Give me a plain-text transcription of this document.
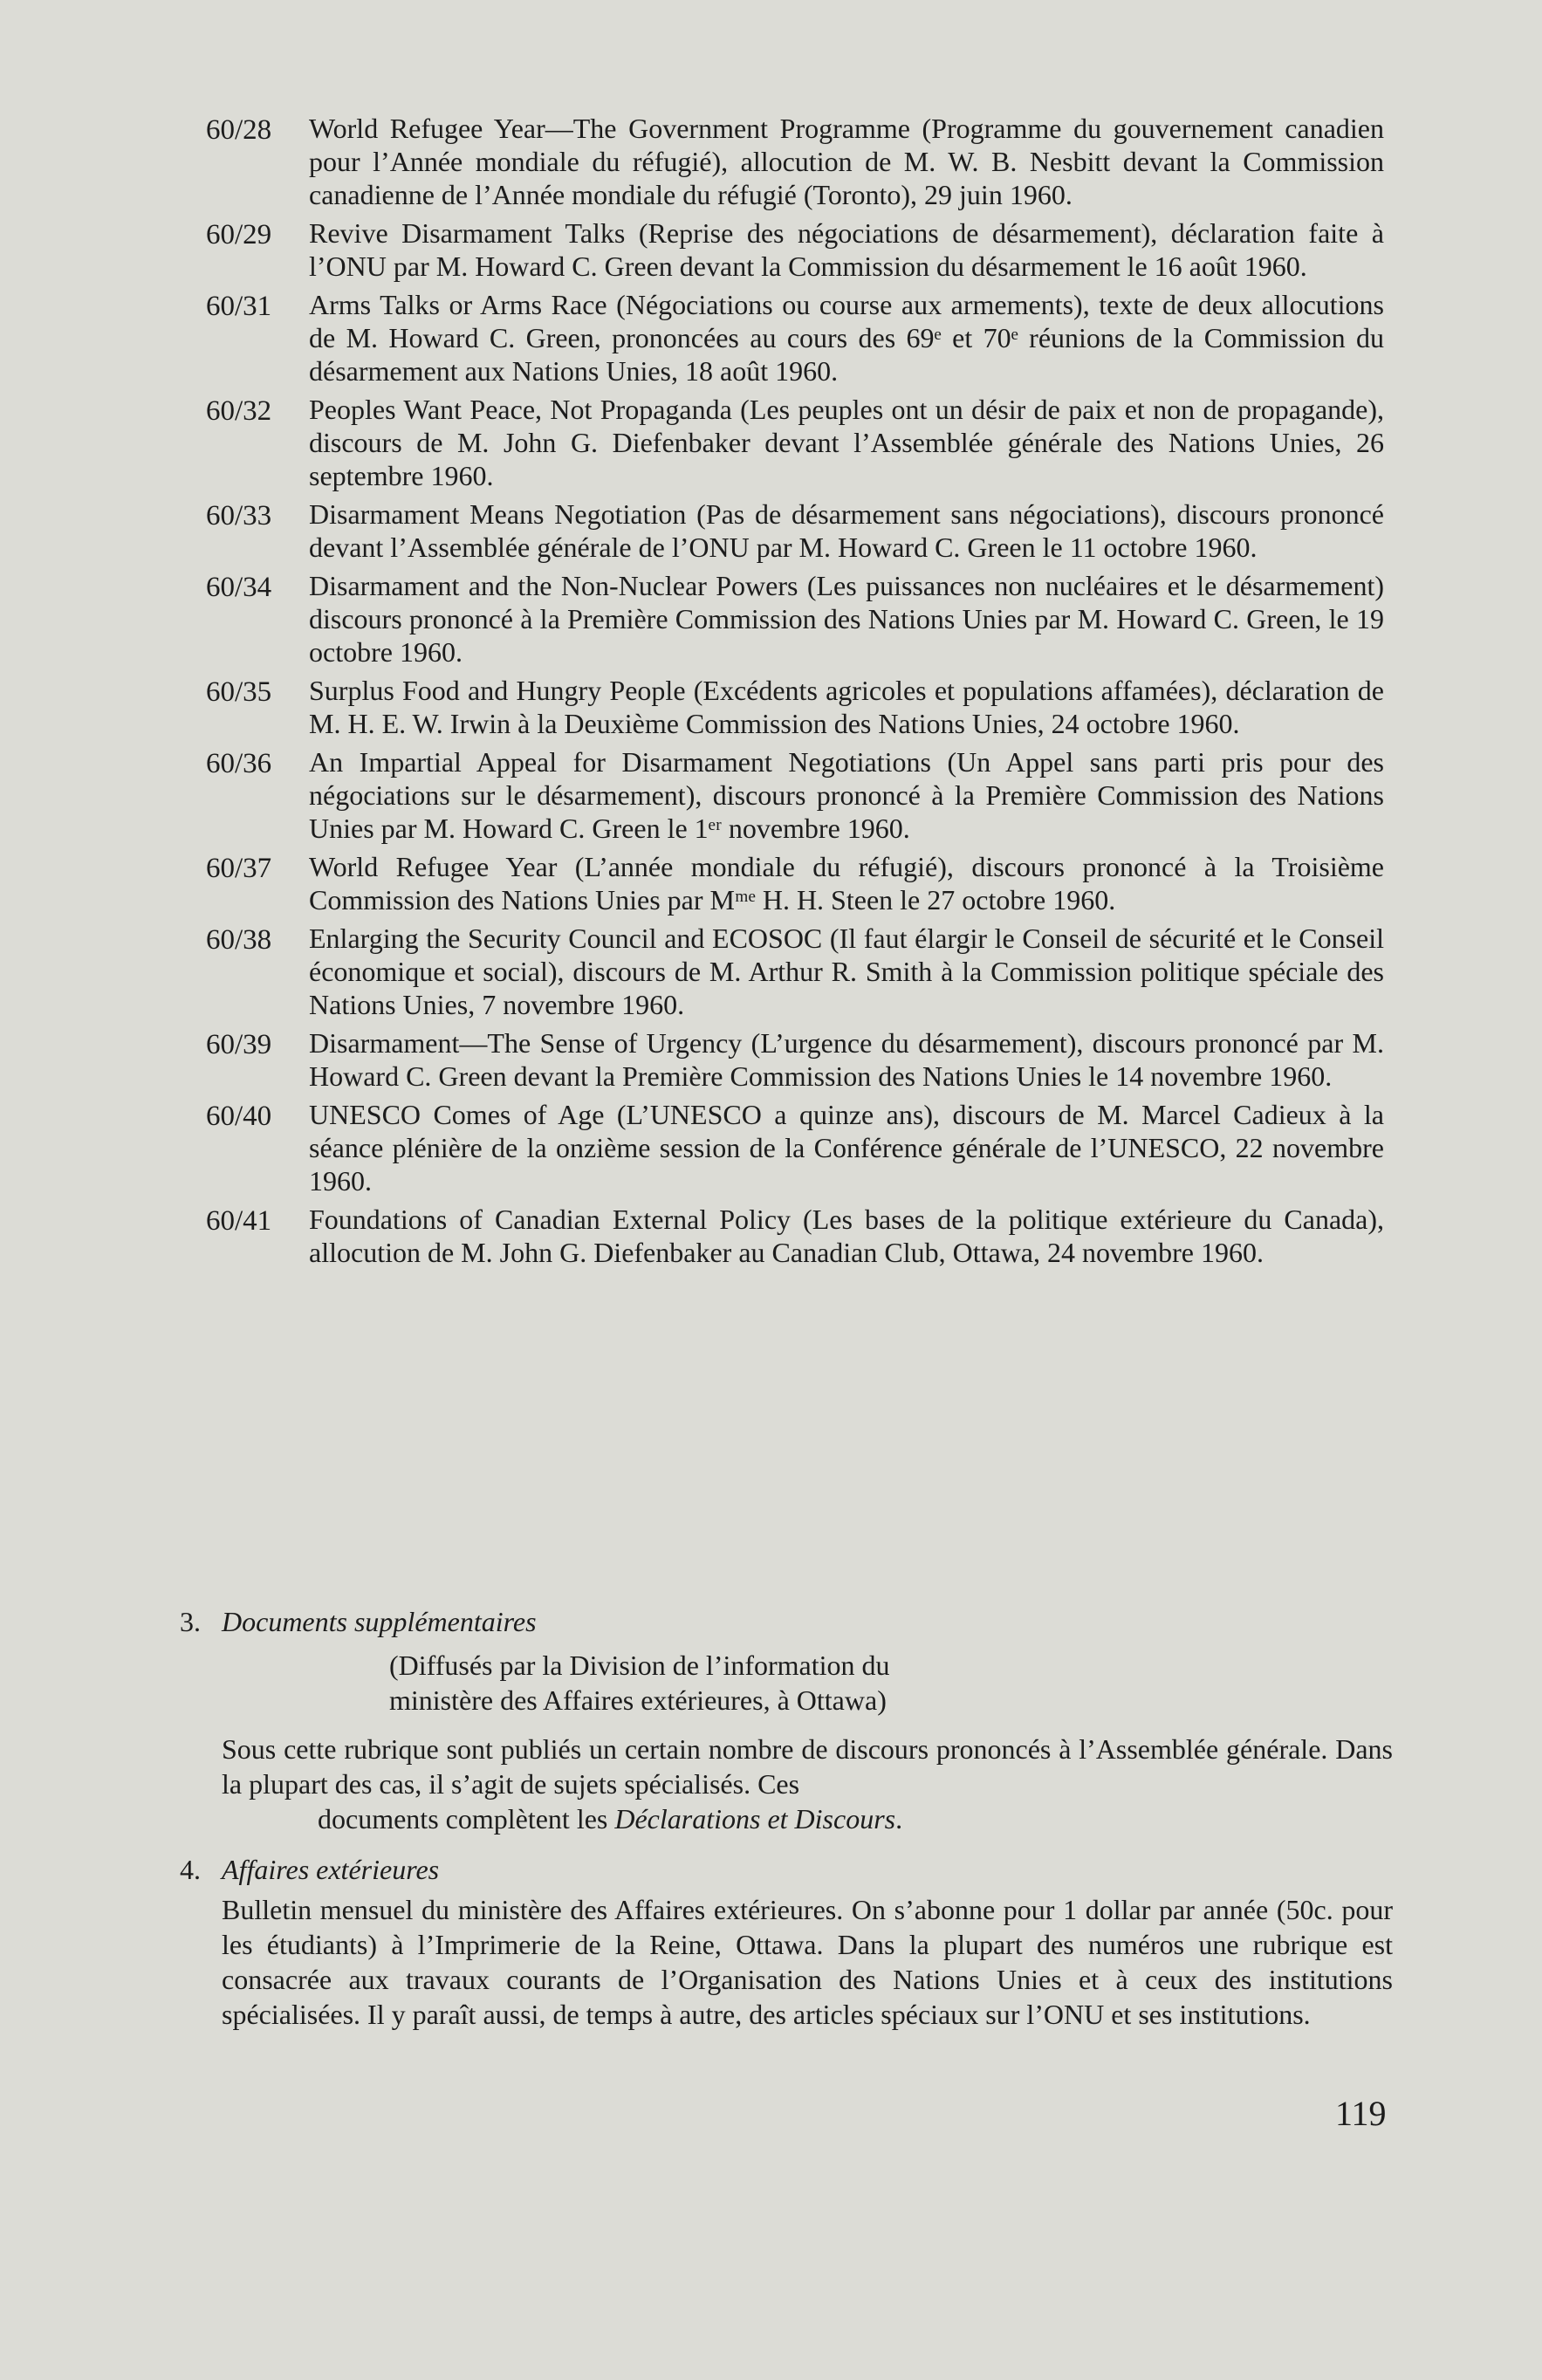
60/28	World Refugee Year—The Government Programme (Programme du gouvernement canadien pour l’Année mondiale du réfugié), allocution de M. W. B. Nesbitt devant la Commission canadienne de l’Année mondiale du réfugié (Toronto), 29 juin 1960.
60/29	Revive Disarmament Talks (Reprise des négociations de désarmement), déclaration faite à l’ONU par M. Howard C. Green devant la Commission du désarmement le 16 août 1960.
60/31	Arms Talks or Arms Race (Négociations ou course aux armements), texte de deux allocutions de M. Howard C. Green, prononcées au cours des 69ᵉ et 70ᵉ réunions de la Commission du désarmement aux Nations Unies, 18 août 1960.
60/32	Peoples Want Peace, Not Propaganda (Les peuples ont un désir de paix et non de propagande), discours de M. John G. Diefenbaker devant l’Assemblée générale des Nations Unies, 26 septembre 1960.
60/33	Disarmament Means Negotiation (Pas de désarmement sans négociations), discours prononcé devant l’Assemblée générale de l’ONU par M. Howard C. Green le 11 octobre 1960.
60/34	Disarmament and the Non-Nuclear Powers (Les puissances non nucléaires et le désarmement) discours prononcé à la Première Commission des Nations Unies par M. Howard C. Green, le 19 octobre 1960.
60/35	Surplus Food and Hungry People (Excédents agricoles et populations affamées), déclaration de M. H. E. W. Irwin à la Deuxième Commission des Nations Unies, 24 octobre 1960.
60/36	An Impartial Appeal for Disarmament Negotiations (Un Appel sans parti pris pour des négociations sur le désarmement), discours prononcé à la Première Commission des Nations Unies par M. Howard C. Green le 1ᵉʳ novembre 1960.
60/37	World Refugee Year (L’année mondiale du réfugié), discours prononcé à la Troisième Commission des Nations Unies par Mᵐᵉ H. H. Steen le 27 octobre 1960.
60/38	Enlarging the Security Council and ECOSOC (Il faut élargir le Conseil de sécurité et le Conseil économique et social), discours de M. Arthur R. Smith à la Commission politique spéciale des Nations Unies, 7 novembre 1960.
60/39	Disarmament—The Sense of Urgency (L’urgence du désarmement), discours prononcé par M. Howard C. Green devant la Première Commission des Nations Unies le 14 novembre 1960.
60/40	UNESCO Comes of Age (L’UNESCO a quinze ans), discours de M. Marcel Cadieux à la séance plénière de la onzième session de la Conférence générale de l’UNESCO, 22 novembre 1960.
60/41	Foundations of Canadian External Policy (Les bases de la politique extérieure du Canada), allocution de M. John G. Diefenbaker au Canadian Club, Ottawa, 24 novembre 1960.
3. Documents supplémentaires
(Diffusés par la Division de l’information du
ministère des Affaires extérieures, à Ottawa)
Sous cette rubrique sont publiés un certain nombre de discours prononcés à l’Assemblée générale. Dans la plupart des cas, il s’agit de sujets spécialisés. Ces
documents complètent les Déclarations et Discours.
4. Affaires extérieures
Bulletin mensuel du ministère des Affaires extérieures. On s’abonne pour 1 dollar par année (50c. pour les étudiants) à l’Imprimerie de la Reine, Ottawa. Dans la plupart des numéros une rubrique est consacrée aux travaux courants de l’Organisation des Nations Unies et à ceux des institutions spécialisées. Il y paraît aussi, de temps à autre, des articles spéciaux sur l’ONU et ses institutions.
119
